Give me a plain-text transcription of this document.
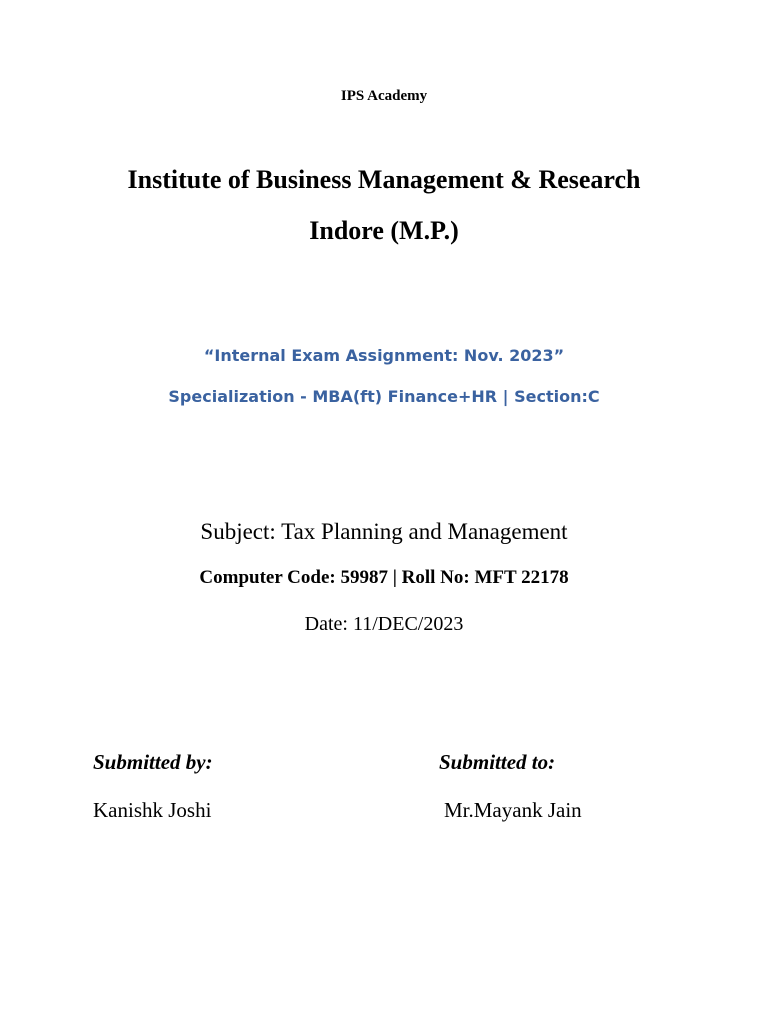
IPS Academy
Institute of Business Management & Research
Indore (M.P.)
“Internal Exam Assignment: Nov. 2023”
Specialization - MBA(ft) Finance+HR | Section:C
Subject: Tax Planning and Management
Computer Code: 59987 | Roll No: MFT 22178
Date: 11/DEC/2023
Submitted by:	Submitted to:
Kanishk Joshi	Mr.Mayank Jain
